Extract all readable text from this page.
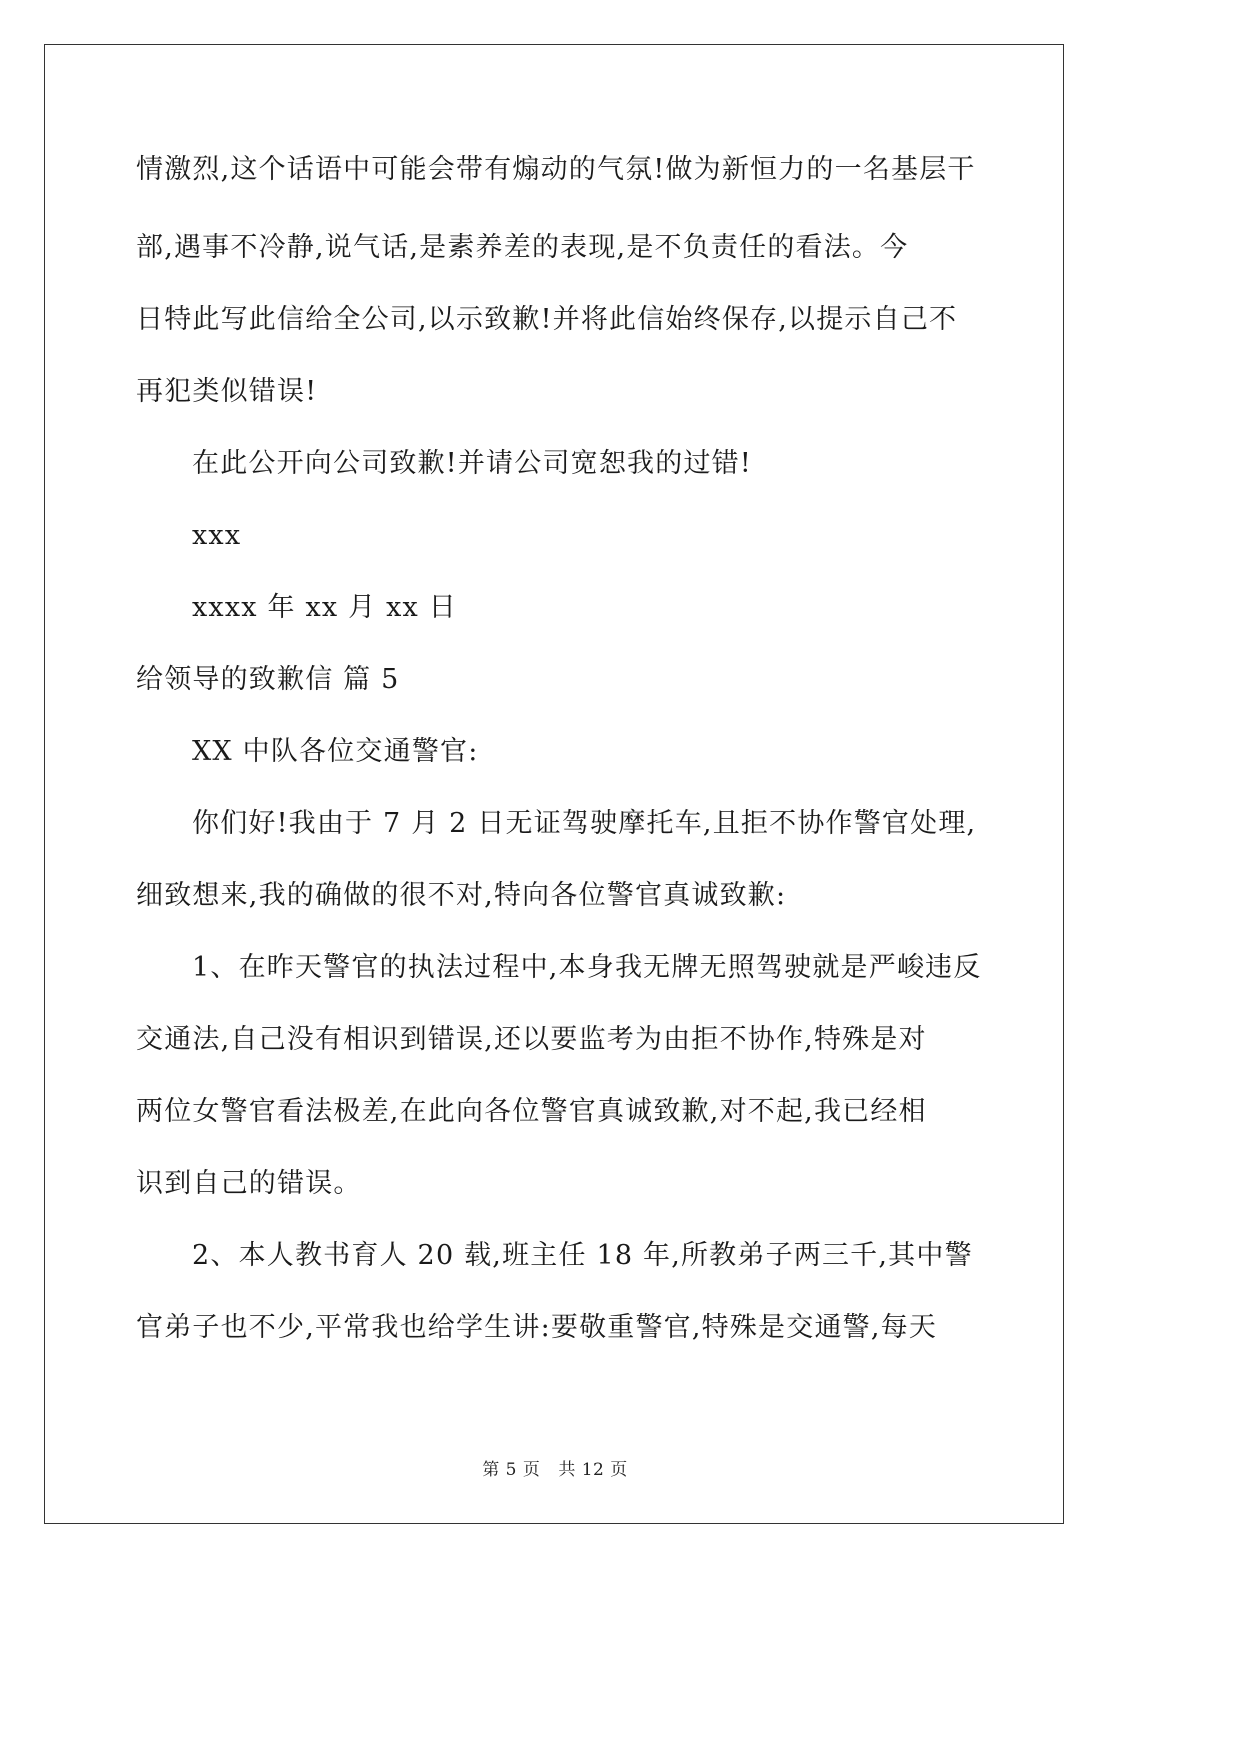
情激烈,这个话语中可能会带有煽动的气氛!做为新恒力的一名基层干
部,遇事不冷静,说气话,是素养差的表现,是不负责任的看法。今
日特此写此信给全公司,以示致歉!并将此信始终保存,以提示自己不
再犯类似错误!
在此公开向公司致歉!并请公司宽恕我的过错!
xxx
xxxx 年 xx 月 xx 日
给领导的致歉信 篇 5
XX 中队各位交通警官:
你们好!我由于 7 月 2 日无证驾驶摩托车,且拒不协作警官处理,
细致想来,我的确做的很不对,特向各位警官真诚致歉:
1、在昨天警官的执法过程中,本身我无牌无照驾驶就是严峻违反
交通法,自己没有相识到错误,还以要监考为由拒不协作,特殊是对
两位女警官看法极差,在此向各位警官真诚致歉,对不起,我已经相
识到自己的错误。
2、本人教书育人 20 载,班主任 18 年,所教弟子两三千,其中警
官弟子也不少,平常我也给学生讲:要敬重警官,特殊是交通警,每天
第 5 页 共 12 页
